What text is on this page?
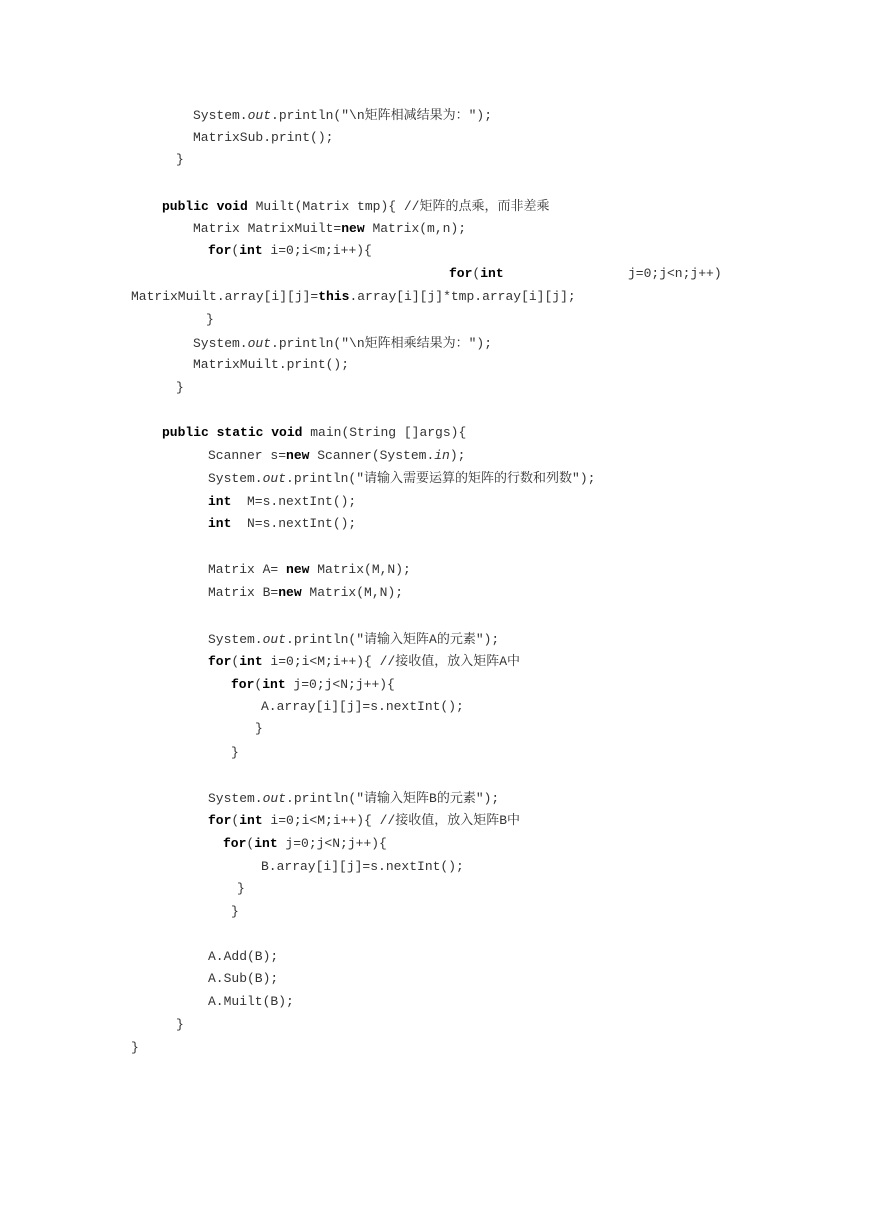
System.out.println("\n矩阵相减结果为：");
MatrixSub.print();
}
public void Muilt(Matrix tmp){ //矩阵的点乘，而非差乘
Matrix MatrixMuilt=new Matrix(m,n);
for(int i=0;i<m;i++){
for(int	j=0;j<n;j++)
MatrixMuilt.array[i][j]=this.array[i][j]*tmp.array[i][j];
}
System.out.println("\n矩阵相乘结果为：");
MatrixMuilt.print();
}
public static void main(String []args){
Scanner s=new Scanner(System.in);
System.out.println("请输入需要运算的矩阵的行数和列数");
int  M=s.nextInt();
int  N=s.nextInt();
Matrix A= new Matrix(M,N);
Matrix B=new Matrix(M,N);
System.out.println("请输入矩阵A的元素");
for(int i=0;i<M;i++){ //接收值，放入矩阵A中
for(int j=0;j<N;j++){
A.array[i][j]=s.nextInt();
}
}
System.out.println("请输入矩阵B的元素");
for(int i=0;i<M;i++){ //接收值，放入矩阵B中
for(int j=0;j<N;j++){
B.array[i][j]=s.nextInt();
}
}
A.Add(B);
A.Sub(B);
A.Muilt(B);
}
}
